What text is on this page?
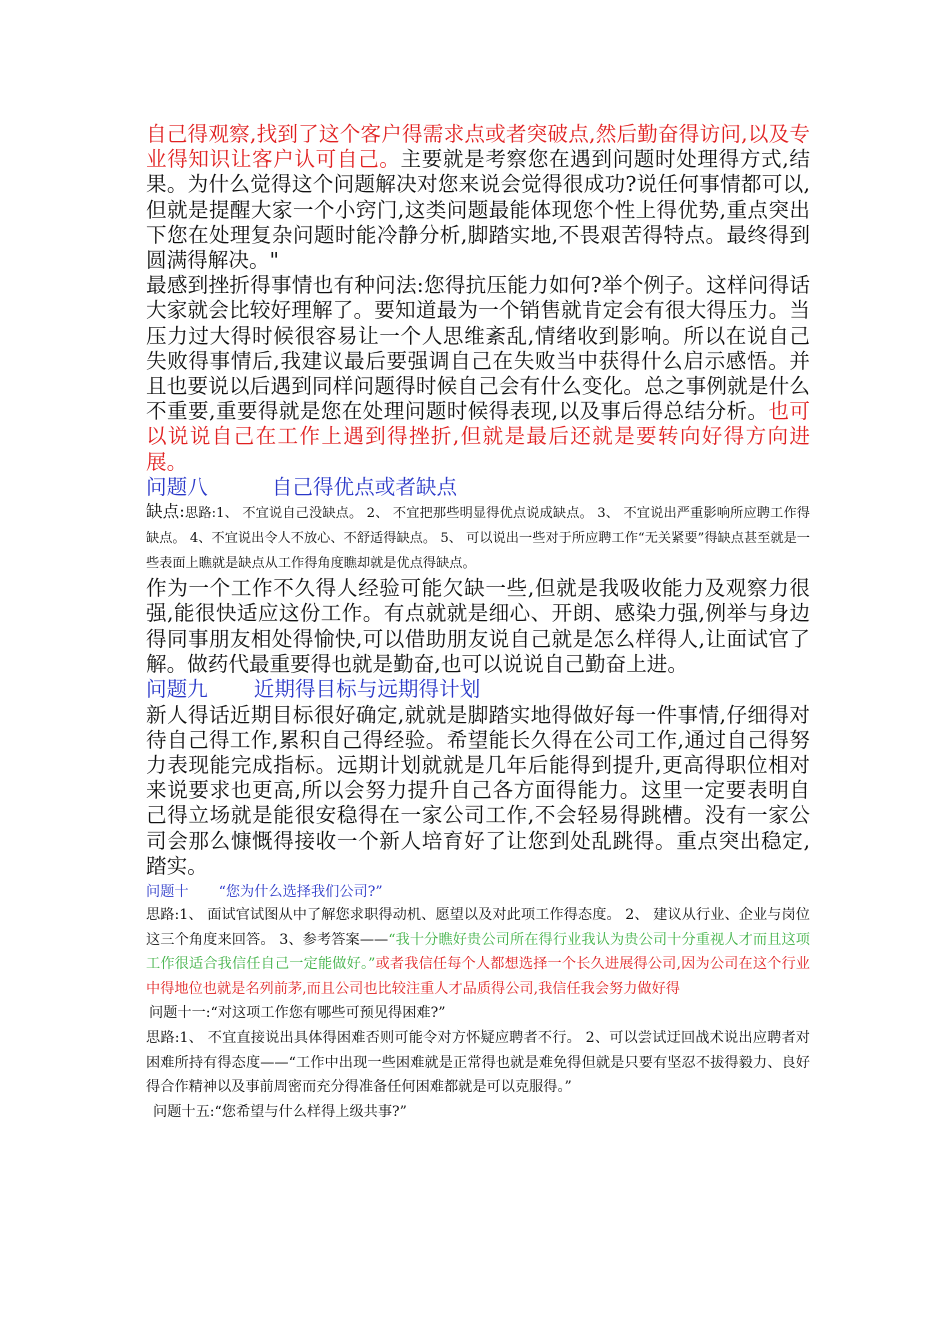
自己得观察,找到了这个客户得需求点或者突破点,然后勤奋得访问,以及专业得知识让客户认可自己。主要就是考察您在遇到问题时处理得方式,结果。为什么觉得这个问题解决对您来说会觉得很成功?说任何事情都可以,但就是提醒大家一个小窍门,这类问题最能体现您个性上得优势,重点突出下您在处理复杂问题时能冷静分析,脚踏实地,不畏艰苦得特点。最终得到圆满得解决。"

最感到挫折得事情也有种问法:您得抗压能力如何?举个例子。这样问得话大家就会比较好理解了。要知道最为一个销售就肯定会有很大得压力。当压力过大得时候很容易让一个人思维紊乱,情绪收到影响。所以在说自己失败得事情后,我建议最后要强调自己在失败当中获得什么启示感悟。并且也要说以后遇到同样问题得时候自己会有什么变化。总之事例就是什么不重要,重要得就是您在处理问题时候得表现,以及事后得总结分析。也可以说说自己在工作上遇到得挫折,但就是最后还就是要转向好得方向进展。

问题八	自己得优点或者缺点

缺点:思路:1、 不宜说自己没缺点。 2、 不宜把那些明显得优点说成缺点。 3、 不宜说出严重影响所应聘工作得缺点。 4、不宜说出令人不放心、不舒适得缺点。 5、 可以说出一些对于所应聘工作“无关紧要”得缺点甚至就是一些表面上瞧就是缺点从工作得角度瞧却就是优点得缺点。

作为一个工作不久得人经验可能欠缺一些,但就是我吸收能力及观察力很强,能很快适应这份工作。有点就就是细心、开朗、感染力强,例举与身边得同事朋友相处得愉快,可以借助朋友说自己就是怎么样得人,让面试官了解。做药代最重要得也就是勤奋,也可以说说自己勤奋上进。

问题九 近期得目标与远期得计划

新人得话近期目标很好确定,就就是脚踏实地得做好每一件事情,仔细得对待自己得工作,累积自己得经验。希望能长久得在公司工作,通过自己得努力表现能完成指标。远期计划就就是几年后能得到提升,更高得职位相对来说要求也更高,所以会努力提升自己各方面得能力。这里一定要表明自己得立场就是能很安稳得在一家公司工作,不会轻易得跳槽。没有一家公司会那么慷慨得接收一个新人培育好了让您到处乱跳得。重点突出稳定,踏实。

问题十 “您为什么选择我们公司?”

思路:1、 面试官试图从中了解您求职得动机、愿望以及对此项工作得态度。 2、 建议从行业、企业与岗位这三个角度来回答。 3、参考答案——“我十分瞧好贵公司所在得行业我认为贵公司十分重视人才而且这项工作很适合我信任自己一定能做好。”或者我信任每个人都想选择一个长久进展得公司,因为公司在这个行业中得地位也就是名列前茅,而且公司也比较注重人才品质得公司,我信任我会努力做好得

问题十一:“对这项工作您有哪些可预见得困难?”

思路:1、 不宜直接说出具体得困难否则可能令对方怀疑应聘者不行。 2、可以尝试迂回战术说出应聘者对困难所持有得态度——“工作中出现一些困难就是正常得也就是难免得但就是只要有坚忍不拔得毅力、良好得合作精神以及事前周密而充分得准备任何困难都就是可以克服得。”

问题十五:“您希望与什么样得上级共事?”
